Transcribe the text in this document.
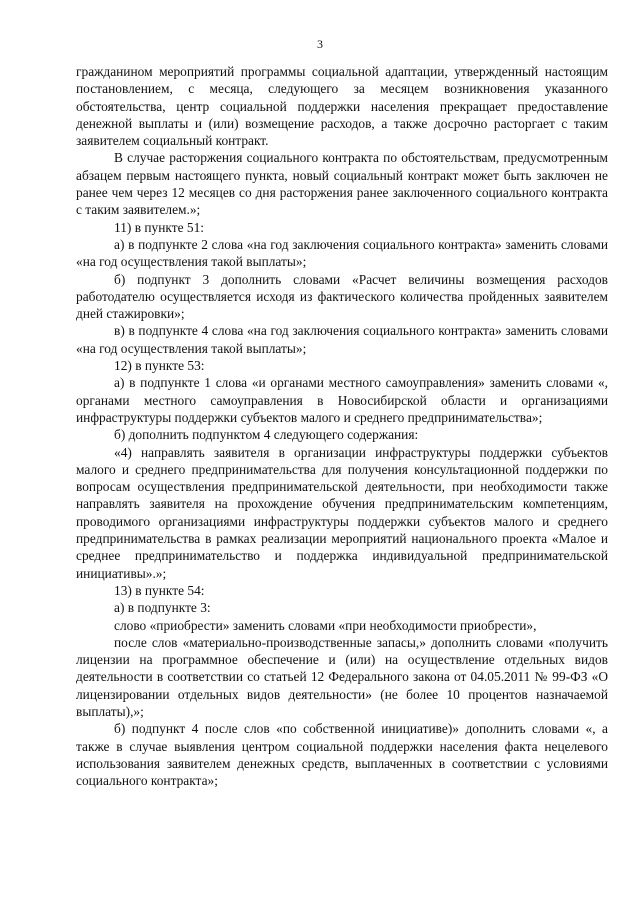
3

гражданином мероприятий программы социальной адаптации, утвержденный настоящим постановлением, с месяца, следующего за месяцем возникновения указанного обстоятельства, центр социальной поддержки населения прекращает предоставление денежной выплаты и (или) возмещение расходов, а также досрочно расторгает с таким заявителем социальный контракт.

В случае расторжения социального контракта по обстоятельствам, предусмотренным абзацем первым настоящего пункта, новый социальный контракт может быть заключен не ранее чем через 12 месяцев со дня расторжения ранее заключенного социального контракта с таким заявителем.»;

11) в пункте 51:

а) в подпункте 2 слова «на год заключения социального контракта» заменить словами «на год осуществления такой выплаты»;

б) подпункт 3 дополнить словами «Расчет величины возмещения расходов работодателю осуществляется исходя из фактического количества пройденных заявителем дней стажировки»;

в) в подпункте 4 слова «на год заключения социального контракта» заменить словами «на год осуществления такой выплаты»;

12) в пункте 53:

а) в подпункте 1 слова «и органами местного самоуправления» заменить словами «, органами местного самоуправления в Новосибирской области и организациями инфраструктуры поддержки субъектов малого и среднего предпринимательства»;

б) дополнить подпунктом 4 следующего содержания:

«4) направлять заявителя в организации инфраструктуры поддержки субъектов малого и среднего предпринимательства для получения консультационной поддержки по вопросам осуществления предпринимательской деятельности, при необходимости также направлять заявителя на прохождение обучения предпринимательским компетенциям, проводимого организациями инфраструктуры поддержки субъектов малого и среднего предпринимательства в рамках реализации мероприятий национального проекта «Малое и среднее предпринимательство и поддержка индивидуальной предпринимательской инициативы».»;

13) в пункте 54:

а) в подпункте 3:

слово «приобрести» заменить словами «при необходимости приобрести»,

после слов «материально-производственные запасы,» дополнить словами «получить лицензии на программное обеспечение и (или) на осуществление отдельных видов деятельности в соответствии со статьей 12 Федерального закона от 04.05.2011 № 99-ФЗ «О лицензировании отдельных видов деятельности» (не более 10 процентов назначаемой выплаты),»;

б) подпункт 4 после слов «по собственной инициативе)» дополнить словами «, а также в случае выявления центром социальной поддержки населения факта нецелевого использования заявителем денежных средств, выплаченных в соответствии с условиями социального контракта»;
